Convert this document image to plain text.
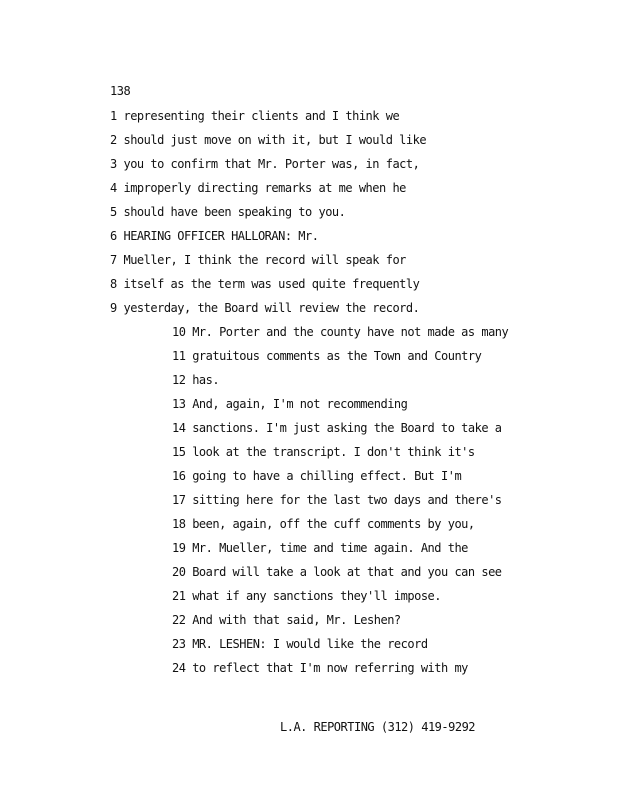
138
1 representing their clients and I think we
2 should just move on with it, but I would like
3 you to confirm that Mr. Porter was, in fact,
4 improperly directing remarks at me when he
5 should have been speaking to you.
6 HEARING OFFICER HALLORAN: Mr.
7 Mueller, I think the record will speak for
8 itself as the term was used quite frequently
9 yesterday, the Board will review the record.
10 Mr. Porter and the county have not made as many
11 gratuitous comments as the Town and Country
12 has.
13 And, again, I'm not recommending
14 sanctions. I'm just asking the Board to take a
15 look at the transcript. I don't think it's
16 going to have a chilling effect. But I'm
17 sitting here for the last two days and there's
18 been, again, off the cuff comments by you,
19 Mr. Mueller, time and time again. And the
20 Board will take a look at that and you can see
21 what if any sanctions they'll impose.
22 And with that said, Mr. Leshen?
23 MR. LESHEN: I would like the record
24 to reflect that I'm now referring with my
L.A. REPORTING (312) 419-9292
